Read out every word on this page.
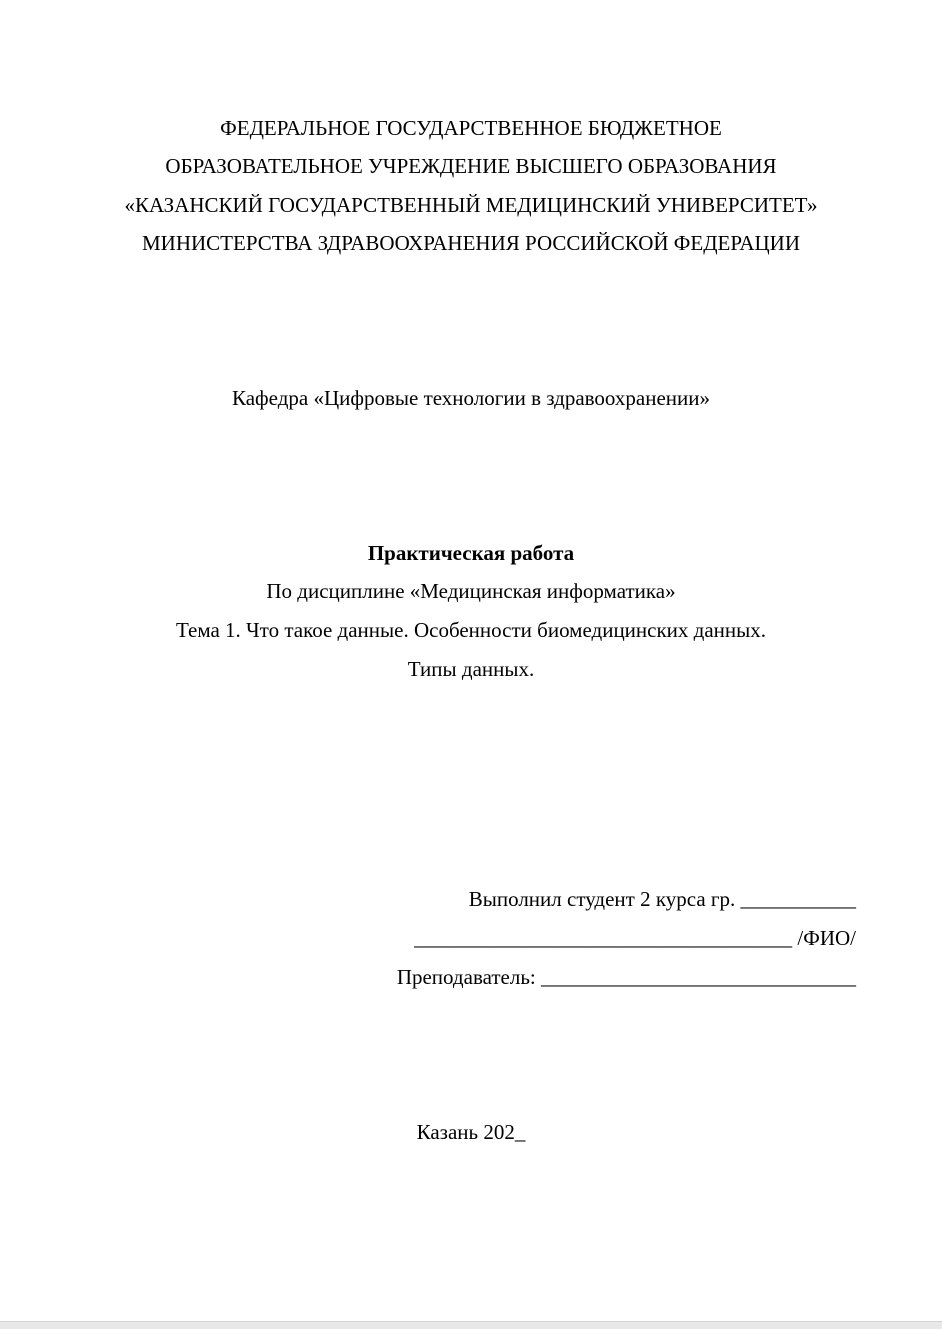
ФЕДЕРАЛЬНОЕ ГОСУДАРСТВЕННОЕ БЮДЖЕТНОЕ
ОБРАЗОВАТЕЛЬНОЕ УЧРЕЖДЕНИЕ ВЫСШЕГО ОБРАЗОВАНИЯ
«КАЗАНСКИЙ ГОСУДАРСТВЕННЫЙ МЕДИЦИНСКИЙ УНИВЕРСИТЕТ»
МИНИСТЕРСТВА ЗДРАВООХРАНЕНИЯ РОССИЙСКОЙ ФЕДЕРАЦИИ
Кафедра «Цифровые технологии в здравоохранении»
Практическая работа
По дисциплине «Медицинская информатика»
Тема 1. Что такое данные. Особенности биомедицинских данных.
Типы данных.
Выполнил студент 2 курса гр. ___________
____________________________________ /ФИО/
Преподаватель: ______________________________
Казань 202_
